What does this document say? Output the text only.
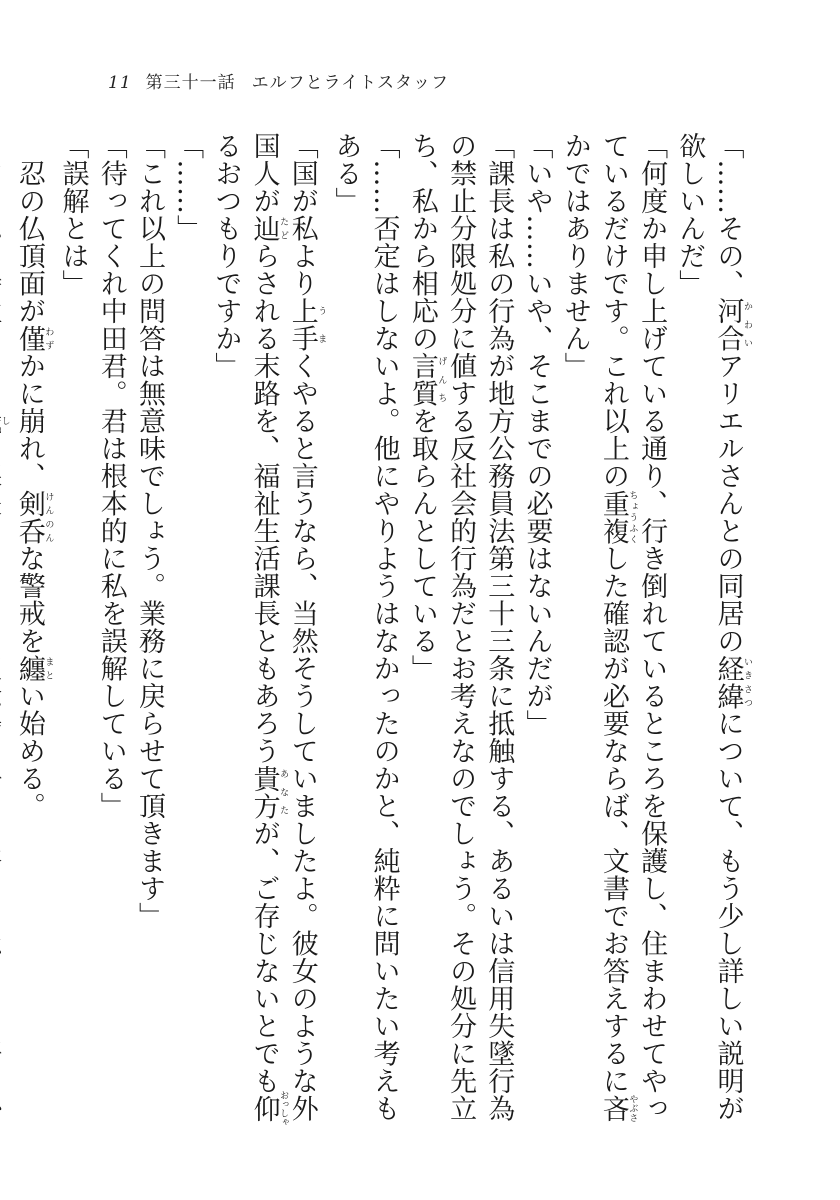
11 第三十一話 エルフとライトスタッフ

「……その、河合かわいアリエルさんとの同居の経緯いきさつについて、もう少し詳しい説明が欲しいんだ」

「何度か申し上げている通り、行き倒れているところを保護し、住まわせてやっているだけです。これ以上の重複ちょうふくした確認が必要ならば、文書でお答えするに吝やぶさかではありません」

「いや……いや、そこまでの必要はないんだが」

「課長は私の行為が地方公務員法第三十三条に抵触する、あるいは信用失墜行為の禁止分限処分に値する反社会的行為だとお考えなのでしょう。その処分に先立ち、私から相応の言質げんちを取らんとしている」

「……否定はしないよ。他にやりようはなかったのかと、純粋に問いたい考えもある」

「国が私より上手うまくやると言うなら、当然そうしていましたよ。彼女のような外国人が辿たどらされる末路を、福祉生活課長ともあろう貴方あなたが、ご存じないとでも仰おっしゃるおつもりですか」

「……」

「これ以上の問答は無意味でしょう。業務に戻らせて頂きます」

「待ってくれ中田君。君は根本的に私を誤解している」

「誤解とは」

　忍の仏頂面が僅わずかに崩れ、剣呑けんのんな警戒を纏まとい始める。

し
